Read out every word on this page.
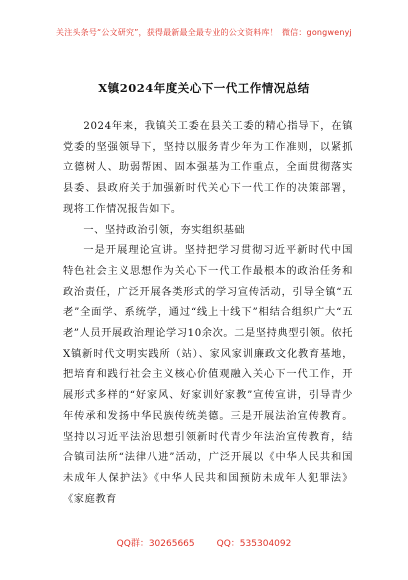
关注头条号“公文研究”，获得最新最全最专业的公文资料库！ 微信：gongwenyj
X镇2024年度关心下一代工作情况总结

2024年来，我镇关工委在县关工委的精心指导下，在镇党委的坚强领导下，坚持以服务青少年为工作准则，以紧抓立德树人、助弱帮困、固本强基为工作重点，全面贯彻落实县委、县政府关于加强新时代关心下一代工作的决策部署，现将工作情况报告如下。

一、坚持政治引领，夯实组织基础

一是开展理论宣讲。坚持把学习贯彻习近平新时代中国特色社会主义思想作为关心下一代工作最根本的政治任务和政治责任，广泛开展各类形式的学习宣传活动，引导全镇“五老”全面学、系统学，通过“线上十线下”相结合组织广大“五老”人员开展政治理论学习10余次。二是坚持典型引领。依托X镇新时代文明实践所（站）、家风家训廉政文化教育基地，把培育和践行社会主义核心价值观融入关心下一代工作，开展形式多样的“好家风、好家训好家教”宣传宣讲，引导青少年传承和发扬中华民族传统美德。三是开展法治宣传教育。坚持以习近平法治思想引领新时代青少年法治宣传教育，结合镇司法所“法律八进”活动，广泛开展以《中华人民共和国未成年人保护法》《中华人民共和国预防未成年人犯罪法》《家庭教育

QQ群：30265665 QQ：535304092
